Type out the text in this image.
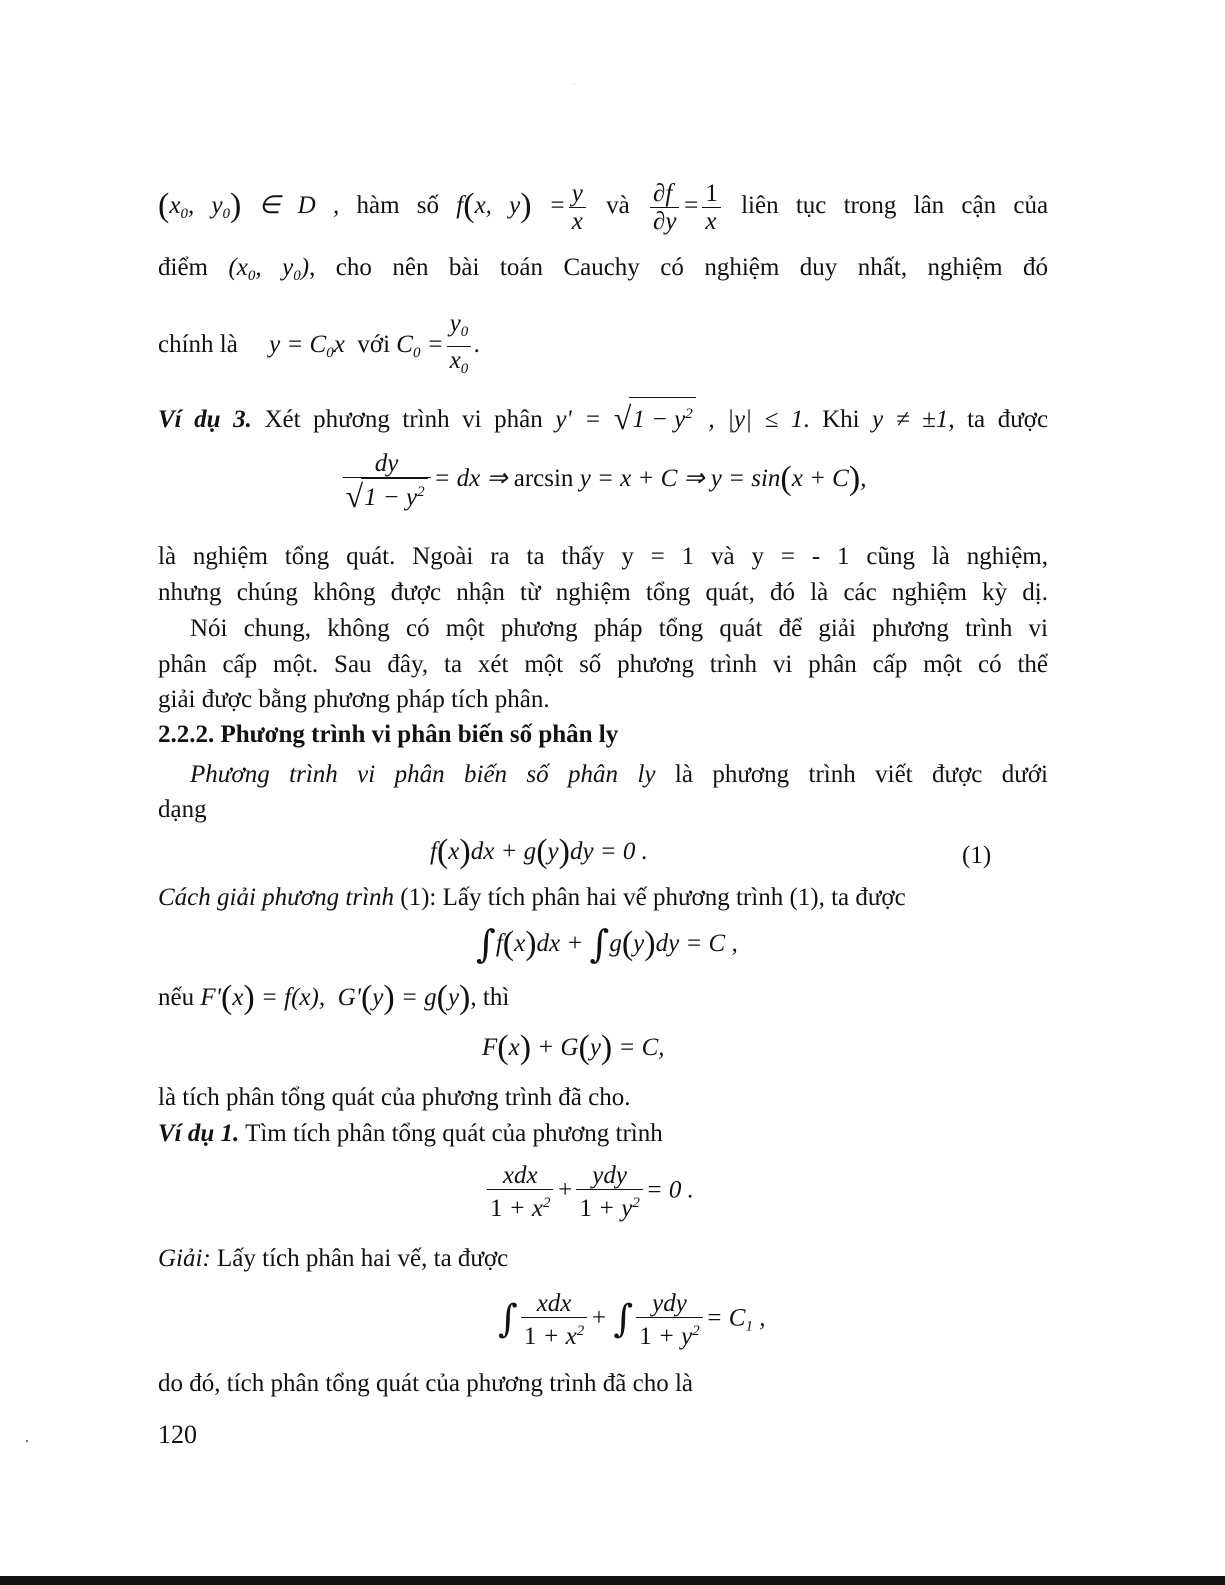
($x_0$, $y_0$) ∈ D , hàm số f(x, $y) = \frac{y}{x}$ và $\frac{\partial f}{\partial y} = \frac{1}{x}$ liên tục trong lân cận của
điểm ($x_0$, $y_0$), cho nên bài toán Cauchy có nghiệm duy nhất, nghiệm đó
chính là $y = C_0x$ với $C_0 = \frac{y_0}{x_0}$ .
Ví dụ 3. Xét phương trình vi phân $y' = √1 - y^2$ , |y| ≤ 1. Khi y ≠ ±1, ta được
$\frac{dy}{√1 - y^2}$ = dx ⇒ arcsin y = x + C ⇒ y = sin(x + C),
là nghiệm tổng quát. Ngoài ra ta thấy y = 1 và y = - 1 cũng là nghiệm,
nhưng chúng không được nhận từ nghiệm tổng quát, đó là các nghiệm kỳ dị.
Nói chung, không có một phương pháp tổng quát để giải phương trình vi
phân cấp một. Sau đây, ta xét một số phương trình vi phân cấp một có thể
giải được bằng phương pháp tích phân.
2.2.2. Phương trình vi phân biến số phân ly
Phương trình vi phân biến số phân ly là phương trình viết được dưới
dạng
f(x)dx + g(y)dy = 0 .	(1)
Cách giải phương trình (1): Lấy tích phân hai vế phương trình (1), ta được
∫f(x)dx + ∫g(y)dy = C ,
nếu F'(x) = f(x),  G'(y) = g(y), thì
F(x) + G(y) = C,
là tích phân tổng quát của phương trình đã cho.
Ví dụ 1. Tìm tích phân tổng quát của phương trình
$\frac{\text{xdx}}{1 + x^2} + \frac{\text{ydy}}{1 + y^2} = 0$ .
Giải: Lấy tích phân hai vế, ta được
∫ $\frac{\text{xdx}}{1 + x^2}$ + ∫ $\frac{\text{ydy}}{1 + y^2} = C_1$ ,
do đó, tích phân tổng quát của phương trình đã cho là
120
